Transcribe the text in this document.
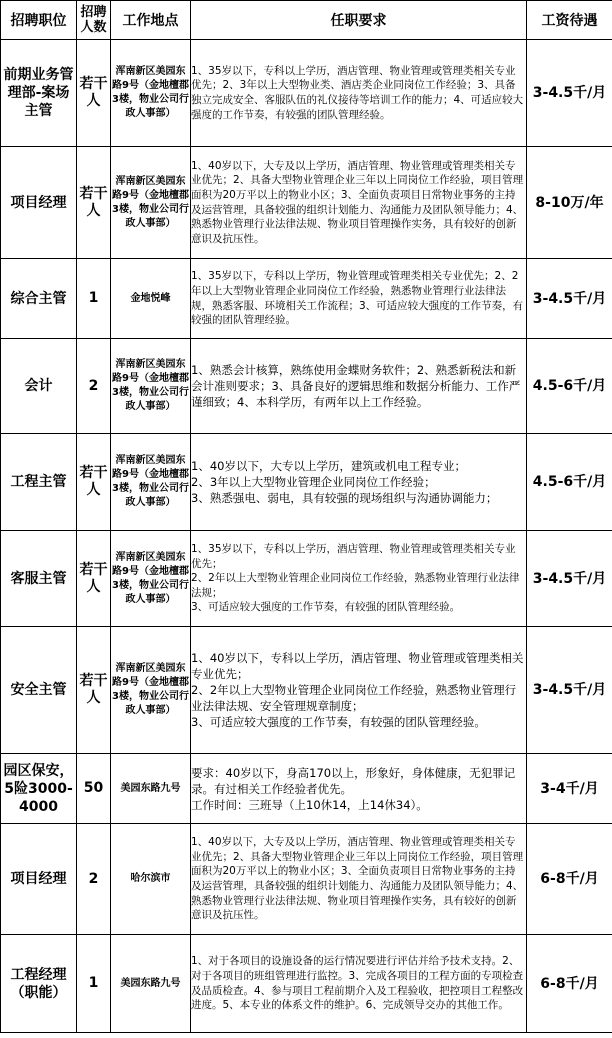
招聘职位	招聘人数	工作地点	任职要求	工资待遇
前期业务管理部-案场主管	若干人	浑南新区美园东路9号（金地檀郡3楼，物业公司行政人事部）	1、35岁以下，专科以上学历，酒店管理、物业管理或管理类相关专业优先；2、3年以上大型物业类、酒店类企业同岗位工作经验；3、具备独立完成安全、客服队伍的礼仪接待等培训工作的能力；4、可适应较大强度的工作节奏，有较强的团队管理经验。	3-4.5千/月
项目经理	若干人	浑南新区美园东路9号（金地檀郡3楼，物业公司行政人事部）	1、40岁以下，大专及以上学历，酒店管理、物业管理或管理类相关专业优先；2、具备大型物业管理企业三年以上同岗位工作经验，项目管理面积为20万平以上的物业小区；3、全面负责项目日常物业事务的主持及运营管理，具备较强的组织计划能力、沟通能力及团队领导能力；4、熟悉物业管理行业法律法规、物业项目管理操作实务，具有较好的创新意识及抗压性。	8-10万/年
综合主管	1	金地悦峰	1、35岁以下，专科以上学历，物业管理或管理类相关专业优先；2、2年以上大型物业管理企业同岗位工作经验，熟悉物业管理行业法律法规，熟悉客服、环境相关工作流程；3、可适应较大强度的工作节奏，有较强的团队管理经验。	3-4.5千/月
会计	2	浑南新区美园东路9号（金地檀郡3楼，物业公司行政人事部）	1、熟悉会计核算，熟练使用金蝶财务软件；2、熟悉新税法和新会计准则要求；3、具备良好的逻辑思维和数据分析能力、工作严谨细致；4、本科学历，有两年以上工作经验。	4.5-6千/月
工程主管	若干人	浑南新区美园东路9号（金地檀郡3楼，物业公司行政人事部）	1、40岁以下，大专以上学历，建筑或机电工程专业；
2、3年以上大型物业管理企业同岗位工作经验；
3、熟悉强电、弱电，具有较强的现场组织与沟通协调能力；	4.5-6千/月
客服主管	若干人	浑南新区美园东路9号（金地檀郡3楼，物业公司行政人事部）	1、35岁以下，专科以上学历，酒店管理、物业管理或管理类相关专业优先；
2、2年以上大型物业管理企业同岗位工作经验，熟悉物业管理行业法律法规；
3、可适应较大强度的工作节奏，有较强的团队管理经验。	3-4.5千/月
安全主管	若干人	浑南新区美园东路9号（金地檀郡3楼，物业公司行政人事部）	1、40岁以下，专科以上学历，酒店管理、物业管理或管理类相关专业优先；
2、2年以上大型物业管理企业同岗位工作经验，熟悉物业管理行业法律法规、安全管理规章制度；
3、可适应较大强度的工作节奏，有较强的团队管理经验。	3-4.5千/月
园区保安，5险3000-4000	50	美园东路九号	要求：40岁以下，身高170以上，形象好，身体健康，无犯罪记录。有过相关工作经验者优先。
工作时间：三班导（上10休14，上14休34）。	3-4千/月
项目经理	2	哈尔滨市	1、40岁以下，大专及以上学历，酒店管理、物业管理或管理类相关专业优先；2、具备大型物业管理企业三年以上同岗位工作经验，项目管理面积为20万平以上的物业小区；3、全面负责项目日常物业事务的主持及运营管理，具备较强的组织计划能力、沟通能力及团队领导能力；4、熟悉物业管理行业法律法规、物业项目管理操作实务，具有较好的创新意识及抗压性。	6-8千/月
工程经理（职能）	1	美园东路九号	1、对于各项目的设施设备的运行情况要进行评估并给予技术支持。2、对于各项目的班组管理进行监控。3、完成各项目的工程方面的专项检查及品质检查。4、参与项目工程前期介入及工程验收，把控项目工程整改进度。5、本专业的体系文件的维护。6、完成领导交办的其他工作。	6-8千/月
